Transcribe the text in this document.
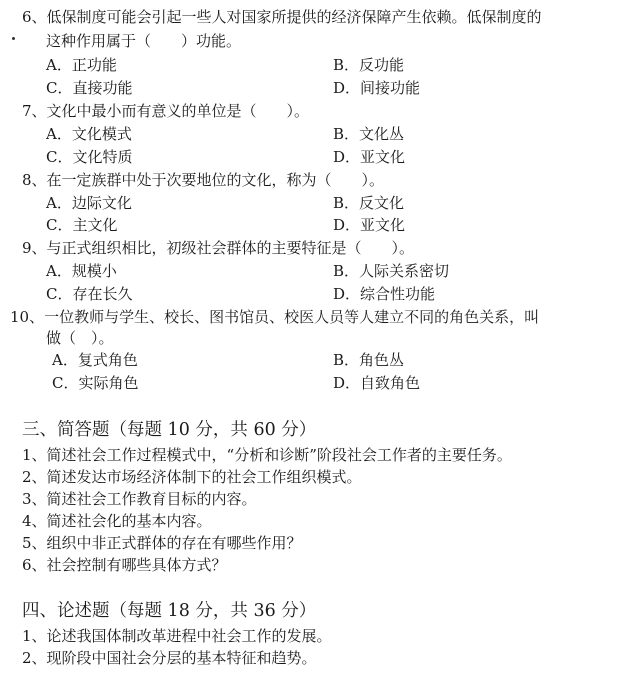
6、低保制度可能会引起一些人对国家所提供的经济保障产生依赖。低保制度的
这种作用属于（　　）功能。
A．正功能	B．反功能
C．直接功能	D．间接功能
7、文化中最小而有意义的单位是（　　）。
A．文化模式	B．文化丛
C．文化特质	D．亚文化
8、在一定族群中处于次要地位的文化，称为（　　）。
A．边际文化	B．反文化
C．主文化	D．亚文化
9、与正式组织相比，初级社会群体的主要特征是（　　）。
A．规模小	B．人际关系密切
C．存在长久	D．综合性功能
10、一位教师与学生、校长、图书馆员、校医人员等人建立不同的角色关系，叫
做（　）。
A．复式角色	B．角色丛
C．实际角色	D．自致角色
三、简答题（每题 10 分，共 60 分）
1、简述社会工作过程模式中，“分析和诊断”阶段社会工作者的主要任务。
2、简述发达市场经济体制下的社会工作组织模式。
3、简述社会工作教育目标的内容。
4、简述社会化的基本内容。
5、组织中非正式群体的存在有哪些作用？
6、社会控制有哪些具体方式？
四、论述题（每题 18 分，共 36 分）
1、论述我国体制改革进程中社会工作的发展。
2、现阶段中国社会分层的基本特征和趋势。
